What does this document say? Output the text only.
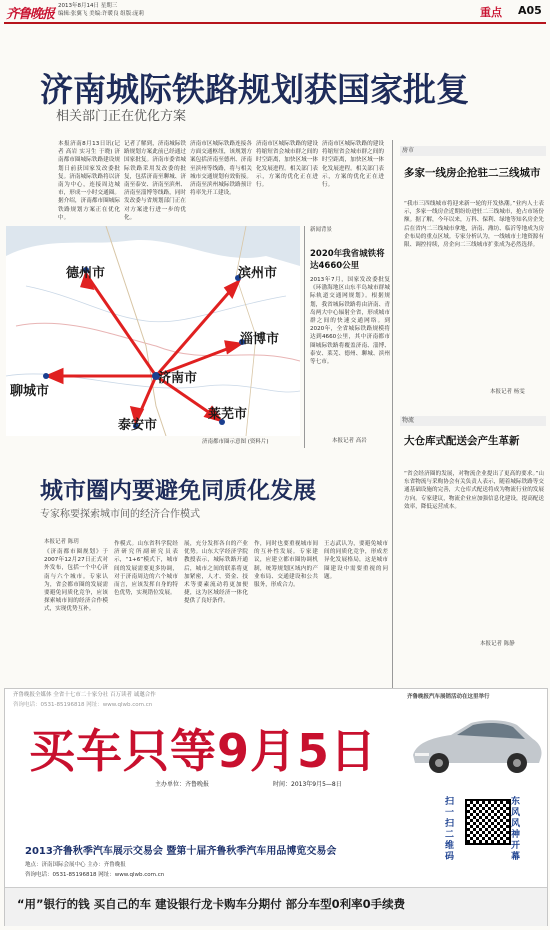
齐鲁晚报
2013年8月14日 星期三
编辑:张翼飞 美编:许暖良 组版:庞莉	重点 A05
济南城际铁路规划获国家批复
相关部门正在优化方案
本报济南8月13日讯(记者 高岩 实习生 于晓) 济南都市圈城际铁路建设规划日前获国家发改委批复。济南城际铁路将以济南为中心，连接周边城市，形成一小时交通圈。据介绍，济南都市圈城际铁路规划方案正在优化中。
记者了解到，济南城际铁路规划方案此前已经通过国家批复。济南市委省城际铁路采用发改委的批复，包括济南至聊城、济南至泰安、济南至滨州、济南至淄博等线路，同时发改委与省规划部门正在对方案进行进一步的优化。
济南市区城际铁路连接各方面交通枢纽，该规划方案包括济南至德州、济南至滨州等线路，将与相关城市交通规划有效衔接。济南至滨州城际铁路预计将率先开工建设。
济南市区城际铁路的建设将缩短省会城市群之间的时空距离，加快区域一体化发展进程。相关部门表示，方案的优化正在进行。
济南市区城际铁路的建设将缩短省会城市群之间的时空距离，加快区域一体化发展进程。相关部门表示，方案的优化正在进行。
德州市	滨州市
淄博市
济南市
聊城市
泰安市
莱芜市
济南都市圈示意图 (资料片)
新闻背景
2020年我省城铁将达4660公里
2013年7月，国家发改委批复《环渤海地区山东半岛城市群城际轨道交通网规划》。根据规划，我省城际铁路将由济南、青岛两大中心辐射全省，形成城市群之间的快速交通网络。到2020年，全省城际铁路规模将达到4660公里，其中济南都市圈城际铁路将覆盖济南、淄博、泰安、莱芜、德州、聊城、滨州等七市。
本报记者 高岩
房市
多家一线房企抢驻二三线城市
“我市三四线城市将迎来新一轮的开发热潮。”业内人士表示，多家一线房企近期纷纷进驻二三线城市，抢占市场份额。据了解，今年以来，万科、保利、绿地等知名房企先后在省内二三线城市拿地，济南、潍坊、临沂等地成为房企布局的重点区域。专家分析认为，一线城市土地资源有限、调控持续，房企向二三线城市扩张成为必然选择。
本报记者 杨雯
物流
大仓库式配送会产生革新
“省会经济圈的发展，对物流企业提出了更高的要求。”山东省物流与采购协会有关负责人表示，随着城际铁路等交通基础设施的完善，大仓库式配送将成为物流行业的发展方向。专家建议，物流企业应加强信息化建设，提高配送效率，降低运营成本。
本报记者 陈静
城市圈内要避免同质化发展
专家称要探索城市间的经济合作模式
本报记者 陈玥
《济南都市圈规划》于2007年12月27日正式对外发布，包括一个中心济南与六个城市。专家认为，省会都市圈的发展需要避免同质化竞争，应该探索城市间的经济合作模式，实现优势互补。
作模式。山东省科学院经济研究所副研究员表示，“1+6”模式下，城市间的发展需要更多协调，对于济南周边的六个城市而言，应该发挥自身的特色优势，实现错位发展。
展，充分发挥各自的产业优势。山东大学经济学院教授表示，城际铁路开通后，城市之间的联系将更加紧密，人才、资金、技术等要素流动将更加便捷，这为区域经济一体化提供了良好条件。
作，同时也要重视城市间的互补性发展。专家建议，应建立都市圈协调机制，统筹规划区域内的产业布局、交通建设和公共服务，形成合力。
王志武认为，要避免城市间的同质化竞争，形成差异化发展格局，这是城市圈建设中需要重视的问题。
齐鲁晚报全媒体 全省十七市二十家分社 百万读者 诚邀合作
咨询电话：0531-85196818 网址：www.qlwb.com.cn
齐鲁晚报汽车展销活动在这里举行
买车只等9月5日
主办单位：齐鲁晚报	时间：2013年9月5—8日
扫一扫二维码
东风风神开幕
2013齐鲁秋季汽车展示交易会 暨第十届齐鲁秋季汽车用品博览交易会
地点：济南国际会展中心 主办：齐鲁晚报
咨询电话：0531-85196818 网址：www.qlwb.com.cn
“用”银行的钱 买自己的车 建设银行龙卡购车分期付 部分车型0利率0手续费
